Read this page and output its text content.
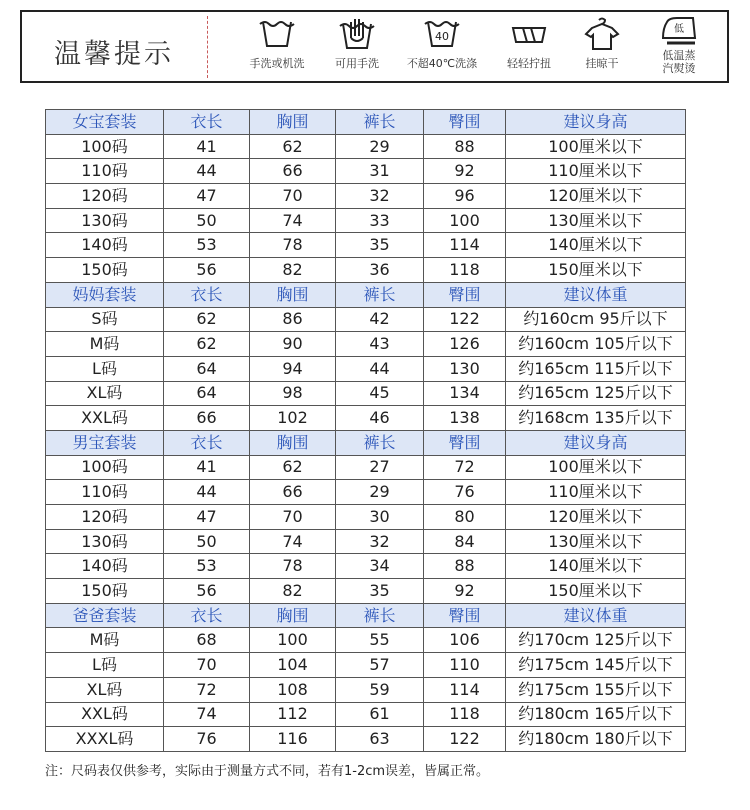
温馨提示	手洗或机洗	可用手洗
40
不超40℃洗涤	轻轻拧扭	挂晾干
低
低温蒸
汽熨烫
女宝套装	衣长	胸围	裤长	臀围	建议身高
100码	41	62	29	88	100厘米以下
110码	44	66	31	92	110厘米以下
120码	47	70	32	96	120厘米以下
130码	50	74	33	100	130厘米以下
140码	53	78	35	114	140厘米以下
150码	56	82	36	118	150厘米以下
妈妈套装	衣长	胸围	裤长	臀围	建议体重
S码	62	86	42	122	约160cm 95斤以下
M码	62	90	43	126	约160cm 105斤以下
L码	64	94	44	130	约165cm 115斤以下
XL码	64	98	45	134	约165cm 125斤以下
XXL码	66	102	46	138	约168cm 135斤以下
男宝套装	衣长	胸围	裤长	臀围	建议身高
100码	41	62	27	72	100厘米以下
110码	44	66	29	76	110厘米以下
120码	47	70	30	80	120厘米以下
130码	50	74	32	84	130厘米以下
140码	53	78	34	88	140厘米以下
150码	56	82	35	92	150厘米以下
爸爸套装	衣长	胸围	裤长	臀围	建议体重
M码	68	100	55	106	约170cm 125斤以下
L码	70	104	57	110	约175cm 145斤以下
XL码	72	108	59	114	约175cm 155斤以下
XXL码	74	112	61	118	约180cm 165斤以下
XXXL码	76	116	63	122	约180cm 180斤以下
注：尺码表仅供参考，实际由于测量方式不同，若有1-2cm误差，皆属正常。
